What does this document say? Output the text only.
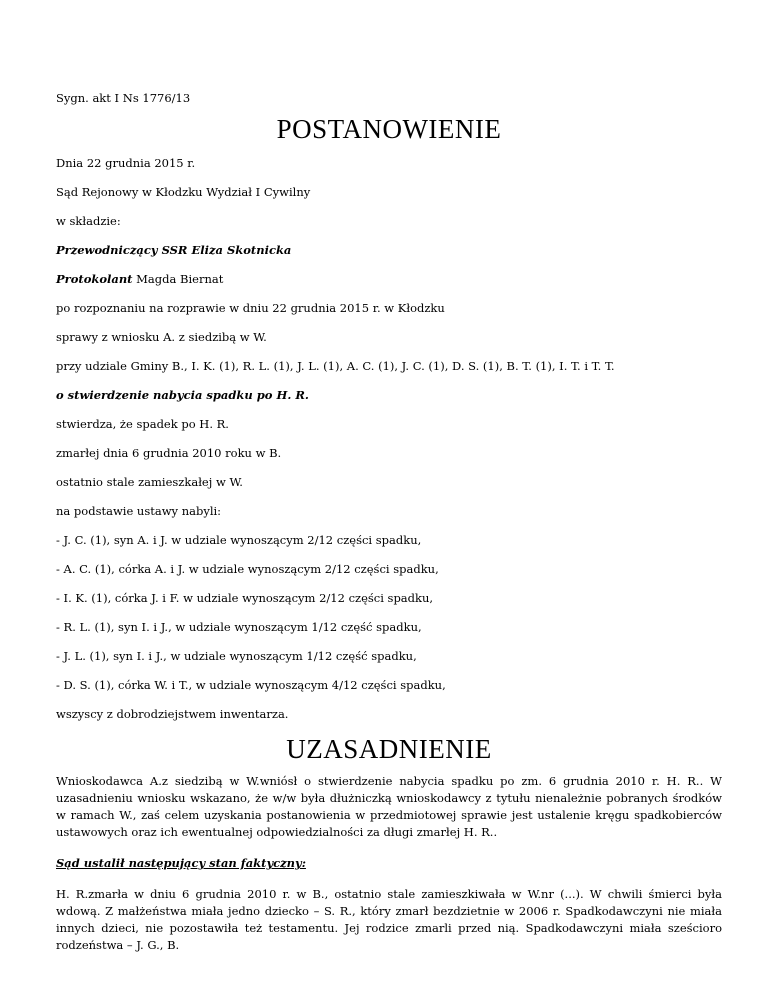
Sygn. akt I Ns 1776/13
POSTANOWIENIE
Dnia 22 grudnia 2015 r.
Sąd Rejonowy w Kłodzku Wydział I Cywilny
w składzie:
Przewodniczący SSR Eliza Skotnicka
Protokolant Magda Biernat
po rozpoznaniu na rozprawie w dniu 22 grudnia 2015 r. w Kłodzku
sprawy z wniosku A. z siedzibą w W.
przy udziale Gminy B., I. K. (1), R. L. (1), J. L. (1), A. C. (1), J. C. (1), D. S. (1), B. T. (1), I. T. i T. T.
o stwierdzenie nabycia spadku po H. R.
stwierdza, że spadek po H. R.
zmarłej dnia 6 grudnia 2010 roku w B.
ostatnio stale zamieszkałej w W.
na podstawie ustawy nabyli:
- J. C. (1), syn A. i J. w udziale wynoszącym 2/12 części spadku,
- A. C. (1), córka A. i J. w udziale wynoszącym 2/12 części spadku,
- I. K. (1), córka J. i F. w udziale wynoszącym 2/12 części spadku,
- R. L. (1), syn I. i J., w udziale wynoszącym 1/12 część spadku,
- J. L. (1), syn I. i J., w udziale wynoszącym 1/12 część spadku,
- D. S. (1), córka W. i T., w udziale wynoszącym 4/12 części spadku,
wszyscy z dobrodziejstwem inwentarza.
UZASADNIENIE
Wnioskodawca A.z siedzibą w W.wniósł o stwierdzenie nabycia spadku po zm. 6 grudnia 2010 r. H. R.. W uzasadnieniu wniosku wskazano, że w/w była dłużniczką wnioskodawcy z tytułu nienależnie pobranych środków w ramach W., zaś celem uzyskania postanowienia w przedmiotowej sprawie jest ustalenie kręgu spadkobierców ustawowych oraz ich ewentualnej odpowiedzialności za długi zmarłej H. R..
Sąd ustalił następujący stan faktyczny:
H. R.zmarła w dniu 6 grudnia 2010 r. w B., ostatnio stale zamieszkiwała w W.nr (...). W chwili śmierci była wdową. Z małżeństwa miała jedno dziecko – S. R., który zmarł bezdzietnie w 2006 r. Spadkodawczyni nie miała innych dzieci, nie pozostawiła też testamentu. Jej rodzice zmarli przed nią. Spadkodawczyni miała sześcioro rodzeństwa – J. G., B.
